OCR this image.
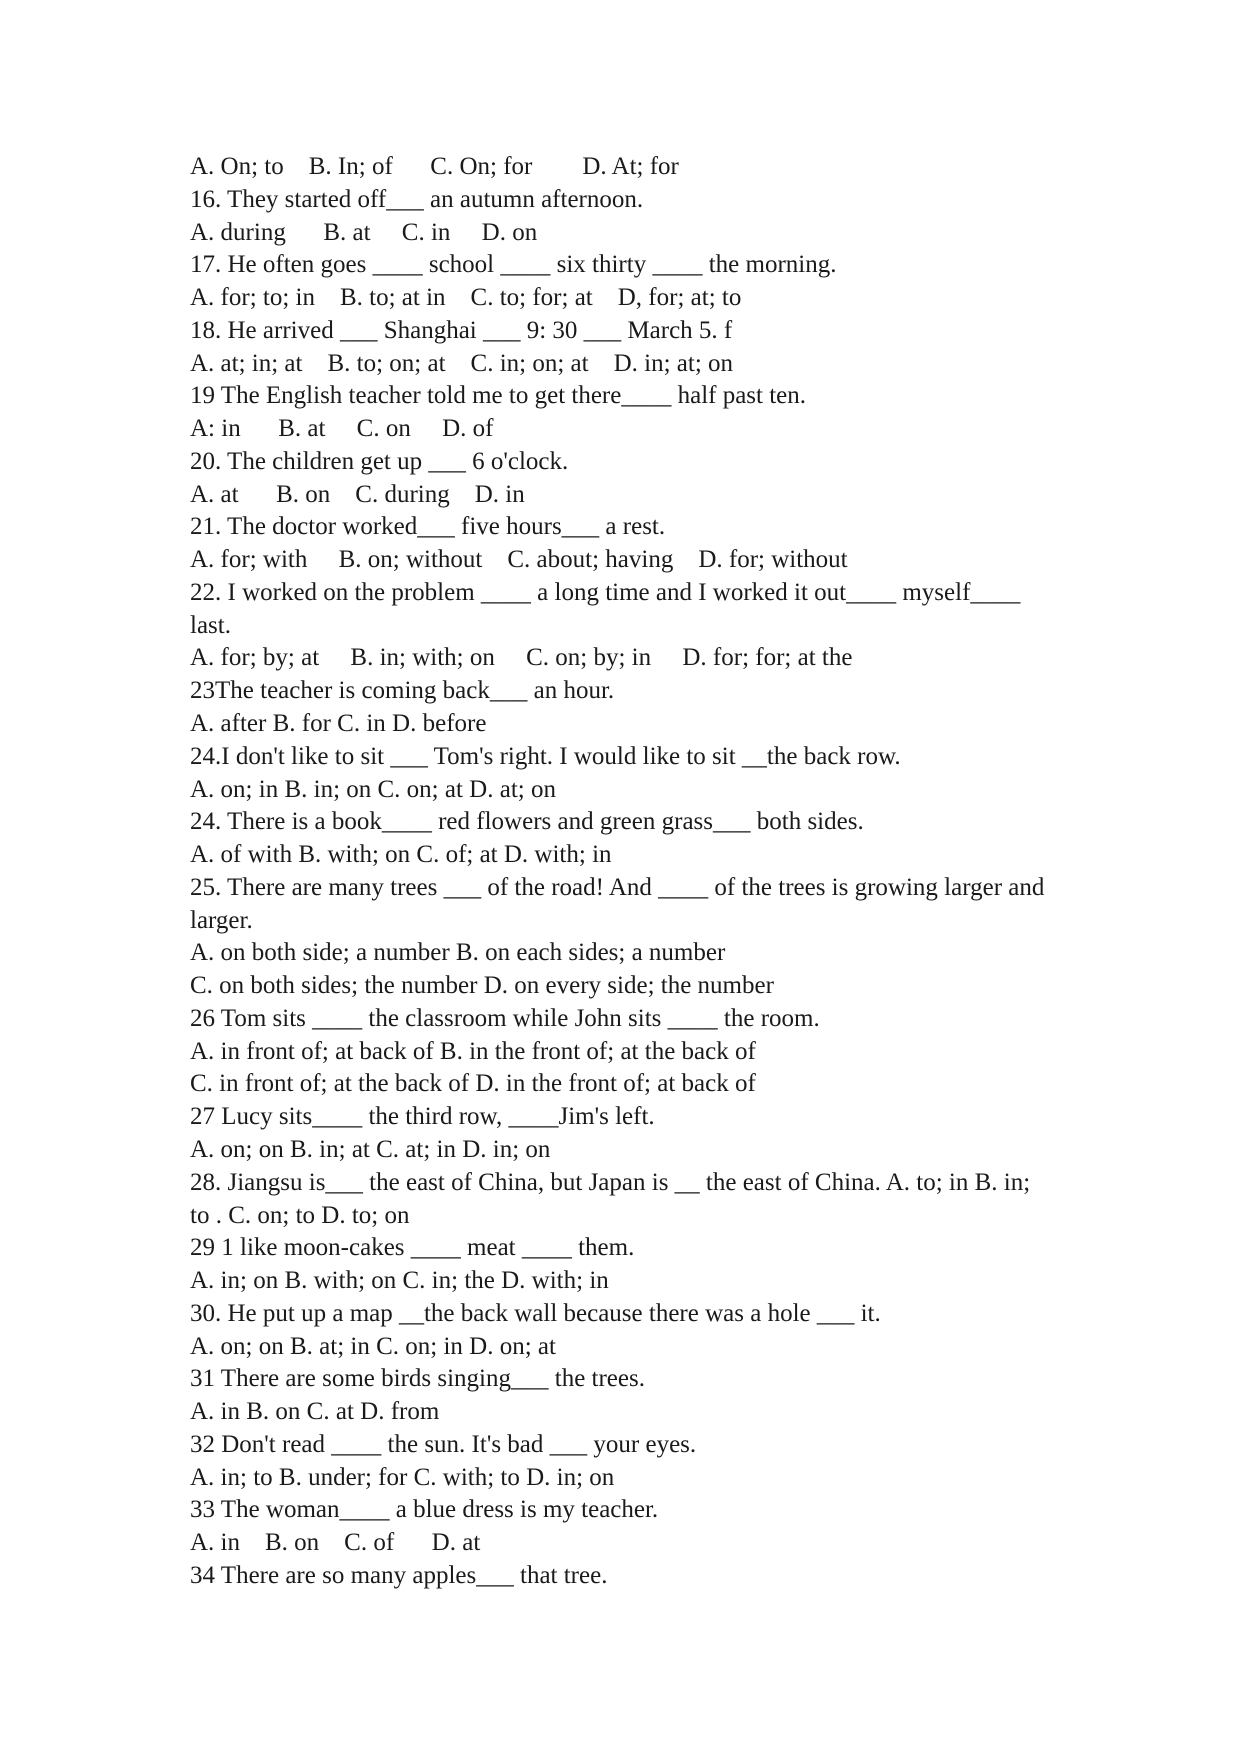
A. On; to    B. In; of      C. On; for        D. At; for
16. They started off___ an autumn afternoon.
A. during      B. at     C. in     D. on
17. He often goes ____ school ____ six thirty ____ the morning.
A. for; to; in    B. to; at in    C. to; for; at    D, for; at; to
18. He arrived ___ Shanghai ___ 9: 30 ___ March 5. f
A. at; in; at    B. to; on; at    C. in; on; at    D. in; at; on
19 The English teacher told me to get there____ half past ten.
A: in      B. at     C. on     D. of
20. The children get up ___ 6 o'clock.
A. at      B. on    C. during    D. in
21. The doctor worked___ five hours___ a rest.
A. for; with     B. on; without    C. about; having    D. for; without
22. I worked on the problem ____ a long time and I worked it out____ myself____
last.
A. for; by; at     B. in; with; on     C. on; by; in     D. for; for; at the
23The teacher is coming back___ an hour.
A. after B. for C. in D. before
24.I don't like to sit ___ Tom's right. I would like to sit __the back row.
A. on; in B. in; on C. on; at D. at; on
24. There is a book____ red flowers and green grass___ both sides.
A. of with B. with; on C. of; at D. with; in
25. There are many trees ___ of the road! And ____ of the trees is growing larger and
larger.
A. on both side; a number B. on each sides; a number
C. on both sides; the number D. on every side; the number
26 Tom sits ____ the classroom while John sits ____ the room.
A. in front of; at back of B. in the front of; at the back of
C. in front of; at the back of D. in the front of; at back of
27 Lucy sits____ the third row, ____Jim's left.
A. on; on B. in; at C. at; in D. in; on
28. Jiangsu is___ the east of China, but Japan is __ the east of China. A. to; in B. in;
to . C. on; to D. to; on
29 1 like moon-cakes ____ meat ____ them.
A. in; on B. with; on C. in; the D. with; in
30. He put up a map __the back wall because there was a hole ___ it.
A. on; on B. at; in C. on; in D. on; at
31 There are some birds singing___ the trees.
A. in B. on C. at D. from
32 Don't read ____ the sun. It's bad ___ your eyes.
A. in; to B. under; for C. with; to D. in; on
33 The woman____ a blue dress is my teacher.
A. in    B. on    C. of      D. at
34 There are so many apples___ that tree.
